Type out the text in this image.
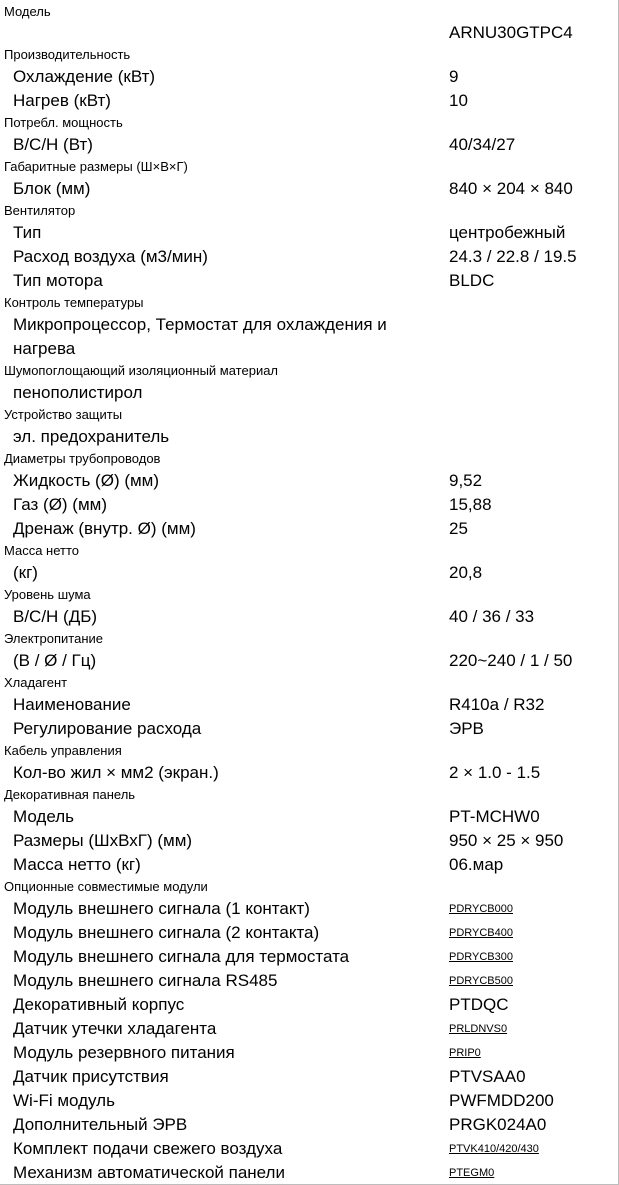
Модель
ARNU30GTPC4
Производительность
Охлаждение (кВт)	9
Нагрев (кВт)	10
Потребл. мощность
В/С/Н (Вт)	40/34/27
Габаритные размеры (Ш×В×Г)
Блок (мм)	840 × 204 × 840
Вентилятор
Тип	центробежный
Расход воздуха (м3/мин)	24.3 / 22.8 / 19.5
Тип мотора	BLDC
Контроль температуры
Микропроцессор, Термостат для охлаждения и
нагрева
Шумопоглощающий изоляционный материал
пенополистирол
Устройство защиты
эл. предохранитель
Диаметры трубопроводов
Жидкость (Ø) (мм)	9,52
Газ (Ø) (мм)	15,88
Дренаж (внутр. Ø) (мм)	25
Масса нетто
(кг)	20,8
Уровень шума
В/С/Н (ДБ)	40 / 36 / 33
Электропитание
(В / Ø / Гц)	220~240 / 1 / 50
Хладагент
Наименование	R410a / R32
Регулирование расхода	ЭРВ
Кабель управления
Кол-во жил × мм2 (экран.)	2 × 1.0 - 1.5
Декоративная панель
Модель	PT-MCHW0
Размеры (ШхВхГ) (мм)	950 × 25 × 950
Масса нетто (кг)	06.мар
Опционные совместимые модули
Модуль внешнего сигнала (1 контакт)	PDRYCB000
Модуль внешнего сигнала (2 контакта)	PDRYCB400
Модуль внешнего сигнала для термостата	PDRYCB300
Модуль внешнего сигнала RS485	PDRYCB500
Декоративный корпус	PTDQC
Датчик утечки хладагента	PRLDNVS0
Модуль резервного питания	PRIP0
Датчик присутствия	PTVSAA0
Wi-Fi модуль	PWFMDD200
Дополнительный ЭРВ	PRGK024A0
Комплект подачи свежего воздуха	PTVK410/420/430
Механизм автоматической панели	PTEGM0
